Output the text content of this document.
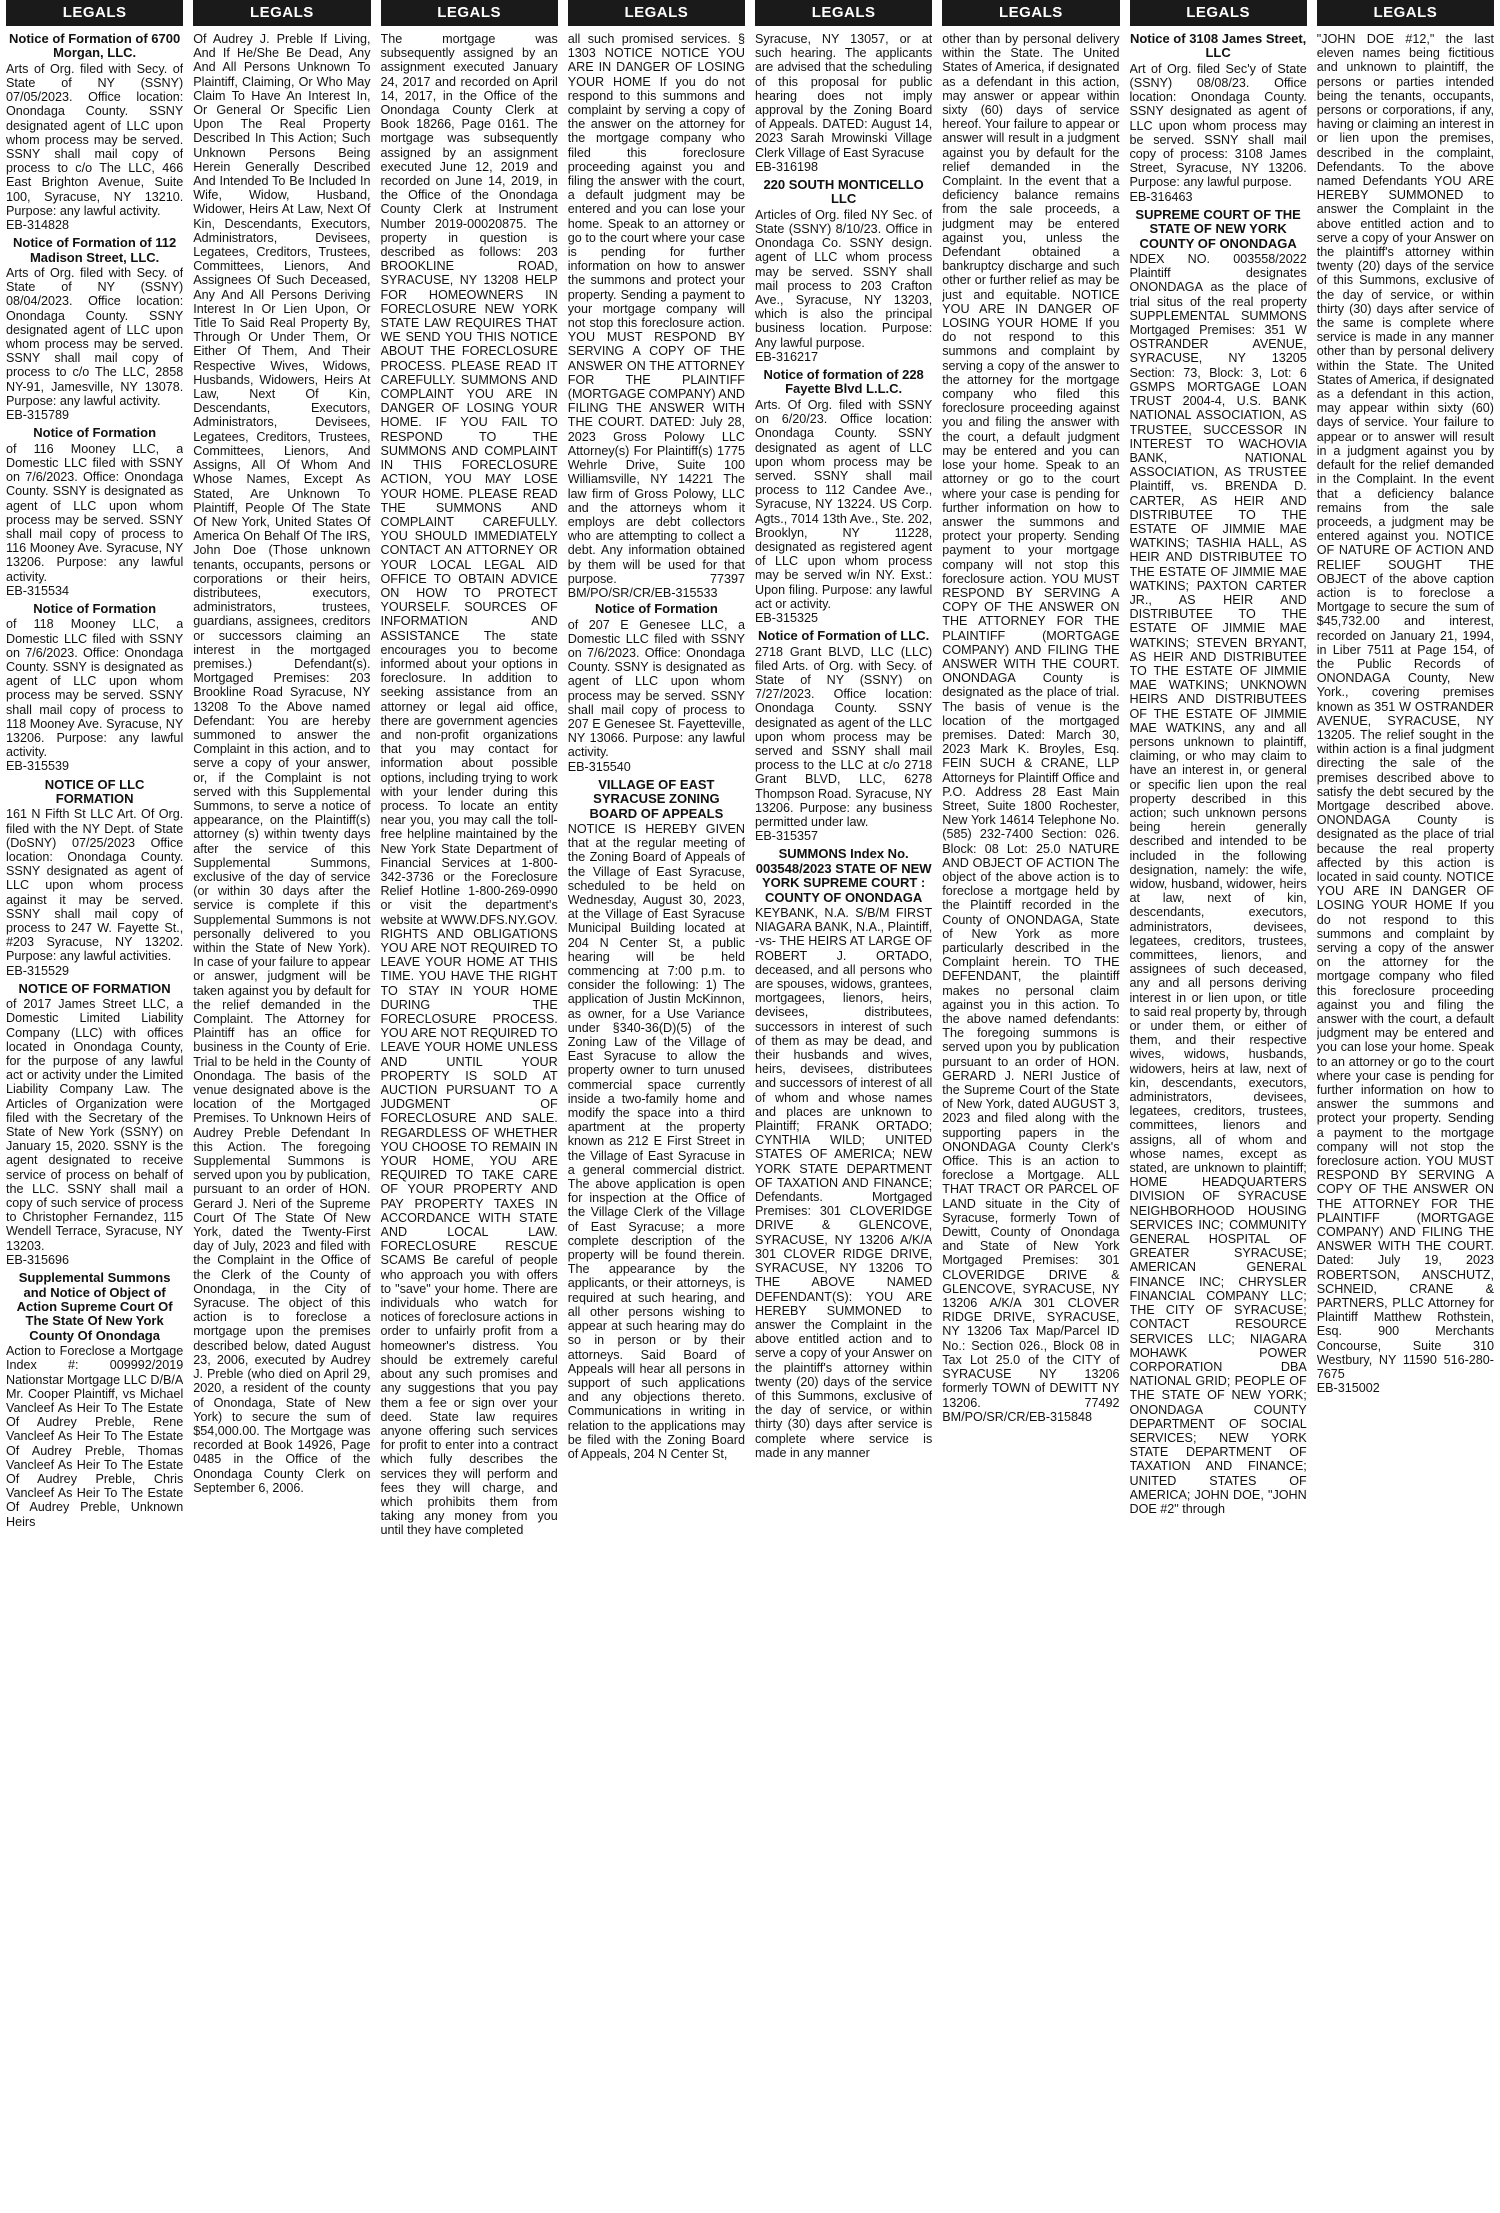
LEGALS
Notice of Formation of 6700 Morgan, LLC.
Arts of Org. filed with Secy. of State of NY (SSNY) 07/05/2023. Office location: Onondaga County. SSNY designated agent of LLC upon whom process may be served. SSNY shall mail copy of process to c/o The LLC, 466 East Brighton Avenue, Suite 100, Syracuse, NY 13210. Purpose: any lawful activity.
EB-314828
Notice of Formation of 112 Madison Street, LLC.
Arts of Org. filed with Secy. of State of NY (SSNY) 08/04/2023. Office location: Onondaga County. SSNY designated agent of LLC upon whom process may be served. SSNY shall mail copy of process to c/o The LLC, 2858 NY-91, Jamesville, NY 13078. Purpose: any lawful activity.
EB-315789
Notice of Formation
of 116 Mooney LLC, a Domestic LLC filed with SSNY on 7/6/2023. Office: Onondaga County. SSNY is designated as agent of LLC upon whom process may be served. SSNY shall mail copy of process to 116 Mooney Ave. Syracuse, NY 13206. Purpose: any lawful activity.
EB-315534
Notice of Formation
of 118 Mooney LLC, a Domestic LLC filed with SSNY on 7/6/2023. Office: Onondaga County. SSNY is designated as agent of LLC upon whom process may be served. SSNY shall mail copy of process to 118 Mooney Ave. Syracuse, NY 13206. Purpose: any lawful activity.
EB-315539
NOTICE OF LLC FORMATION
161 N Fifth St LLC Art. Of Org. filed with the NY Dept. of State (DoSNY) 07/25/2023 Office location: Onondaga County. SSNY designated as agent of LLC upon whom process against it may be served. SSNY shall mail copy of process to 247 W. Fayette St., #203 Syracuse, NY 13202. Purpose: any lawful activities.
EB-315529
NOTICE OF FORMATION
of 2017 James Street LLC, a Domestic Limited Liability Company (LLC) with offices located in Onondaga County, for the purpose of any lawful act or activity under the Limited Liability Company Law. The Articles of Organization were filed with the Secretary of the State of New York (SSNY) on January 15, 2020. SSNY is the agent designated to receive service of process on behalf of the LLC. SSNY shall mail a copy of such service of process to Christopher Fernandez, 115 Wendell Terrace, Syracuse, NY 13203.
EB-315696
Supplemental Summons and Notice of Object of Action Supreme Court Of The State Of New York County Of Onondaga
Action to Foreclose a Mortgage Index #: 009992/2019 Nationstar Mortgage LLC D/B/A Mr. Cooper Plaintiff, vs Michael Vancleef As Heir To The Estate Of Audrey Preble, Rene Vancleef As Heir To The Estate Of Audrey Preble, Thomas Vancleef As Heir To The Estate Of Audrey Preble, Chris Vancleef As Heir To The Estate Of Audrey Preble, Unknown Heirs
LEGALS
Of Audrey J. Preble If Living, And If He/She Be Dead, Any And All Persons Unknown To Plaintiff, Claiming, Or Who May Claim To Have An Interest In, Or General Or Specific Lien Upon The Real Property Described In This Action; Such Unknown Persons Being Herein Generally Described And Intended To Be Included In Wife, Widow, Husband, Widower, Heirs At Law, Next Of Kin, Descendants, Executors, Administrators, Devisees, Legatees, Creditors, Trustees, Committees, Lienors, And Assignees Of Such Deceased, Any And All Persons Deriving Interest In Or Lien Upon, Or Title To Said Real Property By, Through Or Under Them, Or Either Of Them, And Their Respective Wives, Widows, Husbands, Widowers, Heirs At Law, Next Of Kin, Descendants, Executors, Administrators, Devisees, Legatees, Creditors, Trustees, Committees, Lienors, And Assigns, All Of Whom And Whose Names, Except As Stated, Are Unknown To Plaintiff, People Of The State Of New York, United States Of America On Behalf Of The IRS, John Doe (Those unknown tenants, occupants, persons or corporations or their heirs, distributees, executors, administrators, trustees, guardians, assignees, creditors or successors claiming an interest in the mortgaged premises.) Defendant(s). Mortgaged Premises: 203 Brookline Road Syracuse, NY 13208 To the Above named Defendant: You are hereby summoned to answer the Complaint in this action, and to serve a copy of your answer, or, if the Complaint is not served with this Supplemental Summons, to serve a notice of appearance, on the Plaintiff(s) attorney (s) within twenty days after the service of this Supplemental Summons, exclusive of the day of service (or within 30 days after the service is complete if this Supplemental Summons is not personally delivered to you within the State of New York). In case of your failure to appear or answer, judgment will be taken against you by default for the relief demanded in the Complaint. The Attorney for Plaintiff has an office for business in the County of Erie. Trial to be held in the County of Onondaga. The basis of the venue designated above is the location of the Mortgaged Premises. To Unknown Heirs of Audrey Preble Defendant In this Action. The foregoing Supplemental Summons is served upon you by publication, pursuant to an order of HON. Gerard J. Neri of the Supreme Court Of The State Of New York, dated the Twenty-First day of July, 2023 and filed with the Complaint in the Office of the Clerk of the County of Onondaga, in the City of Syracuse. The object of this action is to foreclose a mortgage upon the premises described below, dated August 23, 2006, executed by Audrey J. Preble (who died on April 29, 2020, a resident of the county of Onondaga, State of New York) to secure the sum of $54,000.00. The Mortgage was recorded at Book 14926, Page 0485 in the Office of the Onondaga County Clerk on September 6, 2006.
LEGALS
The mortgage was subsequently assigned by an assignment executed January 24, 2017 and recorded on April 14, 2017, in the Office of the Onondaga County Clerk at Book 18266, Page 0161. The mortgage was subsequently assigned by an assignment executed June 12, 2019 and recorded on June 14, 2019, in the Office of the Onondaga County Clerk at Instrument Number 2019-00020875. The property in question is described as follows: 203 BROOKLINE ROAD, SYRACUSE, NY 13208 HELP FOR HOMEOWNERS IN FORECLOSURE NEW YORK STATE LAW REQUIRES THAT WE SEND YOU THIS NOTICE ABOUT THE FORECLOSURE PROCESS. PLEASE READ IT CAREFULLY. SUMMONS AND COMPLAINT YOU ARE IN DANGER OF LOSING YOUR HOME. IF YOU FAIL TO RESPOND TO THE SUMMONS AND COMPLAINT IN THIS FORECLOSURE ACTION, YOU MAY LOSE YOUR HOME. PLEASE READ THE SUMMONS AND COMPLAINT CAREFULLY. YOU SHOULD IMMEDIATELY CONTACT AN ATTORNEY OR YOUR LOCAL LEGAL AID OFFICE TO OBTAIN ADVICE ON HOW TO PROTECT YOURSELF. SOURCES OF INFORMATION AND ASSISTANCE The state encourages you to become informed about your options in foreclosure. In addition to seeking assistance from an attorney or legal aid office, there are government agencies and non-profit organizations that you may contact for information about possible options, including trying to work with your lender during this process. To locate an entity near you, you may call the toll-free helpline maintained by the New York State Department of Financial Services at 1-800-342-3736 or the Foreclosure Relief Hotline 1-800-269-0990 or visit the department's website at WWW.DFS.NY.GOV. RIGHTS AND OBLIGATIONS YOU ARE NOT REQUIRED TO LEAVE YOUR HOME AT THIS TIME. YOU HAVE THE RIGHT TO STAY IN YOUR HOME DURING THE FORECLOSURE PROCESS. YOU ARE NOT REQUIRED TO LEAVE YOUR HOME UNLESS AND UNTIL YOUR PROPERTY IS SOLD AT AUCTION PURSUANT TO A JUDGMENT OF FORECLOSURE AND SALE. REGARDLESS OF WHETHER YOU CHOOSE TO REMAIN IN YOUR HOME, YOU ARE REQUIRED TO TAKE CARE OF YOUR PROPERTY AND PAY PROPERTY TAXES IN ACCORDANCE WITH STATE AND LOCAL LAW. FORECLOSURE RESCUE SCAMS Be careful of people who approach you with offers to "save" your home. There are individuals who watch for notices of foreclosure actions in order to unfairly profit from a homeowner's distress. You should be extremely careful about any such promises and any suggestions that you pay them a fee or sign over your deed. State law requires anyone offering such services for profit to enter into a contract which fully describes the services they will perform and fees they will charge, and which prohibits them from taking any money from you until they have completed
LEGALS
all such promised services. § 1303 NOTICE NOTICE YOU ARE IN DANGER OF LOSING YOUR HOME If you do not respond to this summons and complaint by serving a copy of the answer on the attorney for the mortgage company who filed this foreclosure proceeding against you and filing the answer with the court, a default judgment may be entered and you can lose your home. Speak to an attorney or go to the court where your case is pending for further information on how to answer the summons and protect your property. Sending a payment to your mortgage company will not stop this foreclosure action. YOU MUST RESPOND BY SERVING A COPY OF THE ANSWER ON THE ATTORNEY FOR THE PLAINTIFF (MORTGAGE COMPANY) AND FILING THE ANSWER WITH THE COURT. DATED: July 28, 2023 Gross Polowy LLC Attorney(s) For Plaintiff(s) 1775 Wehrle Drive, Suite 100 Williamsville, NY 14221 The law firm of Gross Polowy, LLC and the attorneys whom it employs are debt collectors who are attempting to collect a debt. Any information obtained by them will be used for that purpose. 77397 BM/PO/SR/CR/EB-315533
Notice of Formation
of 207 E Genesee LLC, a Domestic LLC filed with SSNY on 7/6/2023. Office: Onondaga County. SSNY is designated as agent of LLC upon whom process may be served. SSNY shall mail copy of process to 207 E Genesee St. Fayetteville, NY 13066. Purpose: any lawful activity.
EB-315540
VILLAGE OF EAST SYRACUSE ZONING BOARD OF APPEALS
NOTICE IS HEREBY GIVEN that at the regular meeting of the Zoning Board of Appeals of the Village of East Syracuse, scheduled to be held on Wednesday, August 30, 2023, at the Village of East Syracuse Municipal Building located at 204 N Center St, a public hearing will be held commencing at 7:00 p.m. to consider the following: 1) The application of Justin McKinnon, as owner, for a Use Variance under §340-36(D)(5) of the Zoning Law of the Village of East Syracuse to allow the property owner to turn unused commercial space currently inside a two-family home and modify the space into a third apartment at the property known as 212 E First Street in the Village of East Syracuse in a general commercial district. The above application is open for inspection at the Office of the Village Clerk of the Village of East Syracuse; a more complete description of the property will be found therein. The appearance by the applicants, or their attorneys, is required at such hearing, and all other persons wishing to appear at such hearing may do so in person or by their attorneys. Said Board of Appeals will hear all persons in support of such applications and any objections thereto. Communications in writing in relation to the applications may be filed with the Zoning Board of Appeals, 204 N Center St,
LEGALS
Syracuse, NY 13057, or at such hearing. The applicants are advised that the scheduling of this proposal for public hearing does not imply approval by the Zoning Board of Appeals. DATED: August 14, 2023 Sarah Mrowinski Village Clerk Village of East Syracuse
EB-316198
220 SOUTH MONTICELLO LLC
Articles of Org. filed NY Sec. of State (SSNY) 8/10/23. Office in Onondaga Co. SSNY design. agent of LLC whom process may be served. SSNY shall mail process to 203 Crafton Ave., Syracuse, NY 13203, which is also the principal business location. Purpose: Any lawful purpose.
EB-316217
Notice of formation of 228 Fayette Blvd L.L.C.
Arts. Of Org. filed with SSNY on 6/20/23. Office location: Onondaga County. SSNY designated as agent of LLC upon whom process may be served. SSNY shall mail process to 112 Candee Ave., Syracuse, NY 13224. US Corp. Agts., 7014 13th Ave., Ste. 202, Brooklyn, NY 11228, designated as registered agent of LLC upon whom process may be served w/in NY. Exst.: Upon filing. Purpose: any lawful act or activity.
EB-315325
Notice of Formation of LLC.
2718 Grant BLVD, LLC (LLC) filed Arts. of Org. with Secy. of State of NY (SSNY) on 7/27/2023. Office location: Onondaga County. SSNY designated as agent of the LLC upon whom process may be served and SSNY shall mail process to the LLC at c/o 2718 Grant BLVD, LLC, 6278 Thompson Road. Syracuse, NY 13206. Purpose: any business permitted under law.
EB-315357
SUMMONS Index No. 003548/2023 STATE OF NEW YORK SUPREME COURT : COUNTY OF ONONDAGA
KEYBANK, N.A. S/B/M FIRST NIAGARA BANK, N.A., Plaintiff, -vs- THE HEIRS AT LARGE OF ROBERT J. ORTADO, deceased, and all persons who are spouses, widows, grantees, mortgagees, lienors, heirs, devisees, distributees, successors in interest of such of them as may be dead, and their husbands and wives, heirs, devisees, distributees and successors of interest of all of whom and whose names and places are unknown to Plaintiff; FRANK ORTADO; CYNTHIA WILD; UNITED STATES OF AMERICA; NEW YORK STATE DEPARTMENT OF TAXATION AND FINANCE; Defendants. Mortgaged Premises: 301 CLOVERIDGE DRIVE & GLENCOVE, SYRACUSE, NY 13206 A/K/A 301 CLOVER RIDGE DRIVE, SYRACUSE, NY 13206 TO THE ABOVE NAMED DEFENDANT(S): YOU ARE HEREBY SUMMONED to answer the Complaint in the above entitled action and to serve a copy of your Answer on the plaintiff's attorney within twenty (20) days of the service of this Summons, exclusive of the day of service, or within thirty (30) days after service is complete where service is made in any manner
LEGALS
other than by personal delivery within the State. The United States of America, if designated as a defendant in this action, may answer or appear within sixty (60) days of service hereof. Your failure to appear or answer will result in a judgment against you by default for the relief demanded in the Complaint. In the event that a deficiency balance remains from the sale proceeds, a judgment may be entered against you, unless the Defendant obtained a bankruptcy discharge and such other or further relief as may be just and equitable. NOTICE YOU ARE IN DANGER OF LOSING YOUR HOME If you do not respond to this summons and complaint by serving a copy of the answer to the attorney for the mortgage company who filed this foreclosure proceeding against you and filing the answer with the court, a default judgment may be entered and you can lose your home. Speak to an attorney or go to the court where your case is pending for further information on how to answer the summons and protect your property. Sending payment to your mortgage company will not stop this foreclosure action. YOU MUST RESPOND BY SERVING A COPY OF THE ANSWER ON THE ATTORNEY FOR THE PLAINTIFF (MORTGAGE COMPANY) AND FILING THE ANSWER WITH THE COURT. ONONDAGA County is designated as the place of trial. The basis of venue is the location of the mortgaged premises. Dated: March 30, 2023 Mark K. Broyles, Esq. FEIN SUCH & CRANE, LLP Attorneys for Plaintiff Office and P.O. Address 28 East Main Street, Suite 1800 Rochester, New York 14614 Telephone No. (585) 232-7400 Section: 026. Block: 08 Lot: 25.0 NATURE AND OBJECT OF ACTION The object of the above action is to foreclose a mortgage held by the Plaintiff recorded in the County of ONONDAGA, State of New York as more particularly described in the Complaint herein. TO THE DEFENDANT, the plaintiff makes no personal claim against you in this action. To the above named defendants: The foregoing summons is served upon you by publication pursuant to an order of HON. GERARD J. NERI Justice of the Supreme Court of the State of New York, dated AUGUST 3, 2023 and filed along with the supporting papers in the ONONDAGA County Clerk's Office. This is an action to foreclose a Mortgage. ALL THAT TRACT OR PARCEL OF LAND situate in the City of Syracuse, formerly Town of Dewitt, County of Onondaga and State of New York Mortgaged Premises: 301 CLOVERIDGE DRIVE & GLENCOVE, SYRACUSE, NY 13206 A/K/A 301 CLOVER RIDGE DRIVE, SYRACUSE, NY 13206 Tax Map/Parcel ID No.: Section 026., Block 08 in Tax Lot 25.0 of the CITY of SYRACUSE NY 13206 formerly TOWN of DEWITT NY 13206. 77492 BM/PO/SR/CR/EB-315848
LEGALS
Notice of 3108 James Street, LLC
Art of Org. filed Sec'y of State (SSNY) 08/08/23. Office location: Onondaga County. SSNY designated as agent of LLC upon whom process may be served. SSNY shall mail copy of process: 3108 James Street, Syracuse, NY 13206. Purpose: any lawful purpose.
EB-316463
SUPREME COURT OF THE STATE OF NEW YORK COUNTY OF ONONDAGA
NDEX NO. 003558/2022 Plaintiff designates ONONDAGA as the place of trial situs of the real property SUPPLEMENTAL SUMMONS Mortgaged Premises: 351 W OSTRANDER AVENUE, SYRACUSE, NY 13205 Section: 73, Block: 3, Lot: 6 GSMPS MORTGAGE LOAN TRUST 2004-4, U.S. BANK NATIONAL ASSOCIATION, AS TRUSTEE, SUCCESSOR IN INTEREST TO WACHOVIA BANK, NATIONAL ASSOCIATION, AS TRUSTEE Plaintiff, vs. BRENDA D. CARTER, AS HEIR AND DISTRIBUTEE TO THE ESTATE OF JIMMIE MAE WATKINS; TASHIA HALL, AS HEIR AND DISTRIBUTEE TO THE ESTATE OF JIMMIE MAE WATKINS; PAXTON CARTER JR., AS HEIR AND DISTRIBUTEE TO THE ESTATE OF JIMMIE MAE WATKINS; STEVEN BRYANT, AS HEIR AND DISTRIBUTEE TO THE ESTATE OF JIMMIE MAE WATKINS; UNKNOWN HEIRS AND DISTRIBUTEES OF THE ESTATE OF JIMMIE MAE WATKINS, any and all persons unknown to plaintiff, claiming, or who may claim to have an interest in, or general or specific lien upon the real property described in this action; such unknown persons being herein generally described and intended to be included in the following designation, namely: the wife, widow, husband, widower, heirs at law, next of kin, descendants, executors, administrators, devisees, legatees, creditors, trustees, committees, lienors, and assignees of such deceased, any and all persons deriving interest in or lien upon, or title to said real property by, through or under them, or either of them, and their respective wives, widows, husbands, widowers, heirs at law, next of kin, descendants, executors, administrators, devisees, legatees, creditors, trustees, committees, lienors and assigns, all of whom and whose names, except as stated, are unknown to plaintiff; HOME HEADQUARTERS DIVISION OF SYRACUSE NEIGHBORHOOD HOUSING SERVICES INC; COMMUNITY GENERAL HOSPITAL OF GREATER SYRACUSE; AMERICAN GENERAL FINANCE INC; CHRYSLER FINANCIAL COMPANY LLC; THE CITY OF SYRACUSE; CONTACT RESOURCE SERVICES LLC; NIAGARA MOHAWK POWER CORPORATION DBA NATIONAL GRID; PEOPLE OF THE STATE OF NEW YORK; ONONDAGA COUNTY DEPARTMENT OF SOCIAL SERVICES; NEW YORK STATE DEPARTMENT OF TAXATION AND FINANCE; UNITED STATES OF AMERICA; JOHN DOE, "JOHN DOE #2" through
LEGALS
"JOHN DOE #12," the last eleven names being fictitious and unknown to plaintiff, the persons or parties intended being the tenants, occupants, persons or corporations, if any, having or claiming an interest in or lien upon the premises, described in the complaint, Defendants. To the above named Defendants YOU ARE HEREBY SUMMONED to answer the Complaint in the above entitled action and to serve a copy of your Answer on the plaintiff's attorney within twenty (20) days of the service of this Summons, exclusive of the day of service, or within thirty (30) days after service of the same is complete where service is made in any manner other than by personal delivery within the State. The United States of America, if designated as a defendant in this action, may appear within sixty (60) days of service. Your failure to appear or to answer will result in a judgment against you by default for the relief demanded in the Complaint. In the event that a deficiency balance remains from the sale proceeds, a judgment may be entered against you. NOTICE OF NATURE OF ACTION AND RELIEF SOUGHT THE OBJECT of the above caption action is to foreclose a Mortgage to secure the sum of $45,732.00 and interest, recorded on January 21, 1994, in Liber 7511 at Page 154, of the Public Records of ONONDAGA County, New York., covering premises known as 351 W OSTRANDER AVENUE, SYRACUSE, NY 13205. The relief sought in the within action is a final judgment directing the sale of the premises described above to satisfy the debt secured by the Mortgage described above. ONONDAGA County is designated as the place of trial because the real property affected by this action is located in said county. NOTICE YOU ARE IN DANGER OF LOSING YOUR HOME If you do not respond to this summons and complaint by serving a copy of the answer on the attorney for the mortgage company who filed this foreclosure proceeding against you and filing the answer with the court, a default judgment may be entered and you can lose your home. Speak to an attorney or go to the court where your case is pending for further information on how to answer the summons and protect your property. Sending a payment to the mortgage company will not stop the foreclosure action. YOU MUST RESPOND BY SERVING A COPY OF THE ANSWER ON THE ATTORNEY FOR THE PLAINTIFF (MORTGAGE COMPANY) AND FILING THE ANSWER WITH THE COURT. Dated: July 19, 2023 ROBERTSON, ANSCHUTZ, SCHNEID, CRANE & PARTNERS, PLLC Attorney for Plaintiff Matthew Rothstein, Esq. 900 Merchants Concourse, Suite 310 Westbury, NY 11590 516-280-7675
EB-315002
